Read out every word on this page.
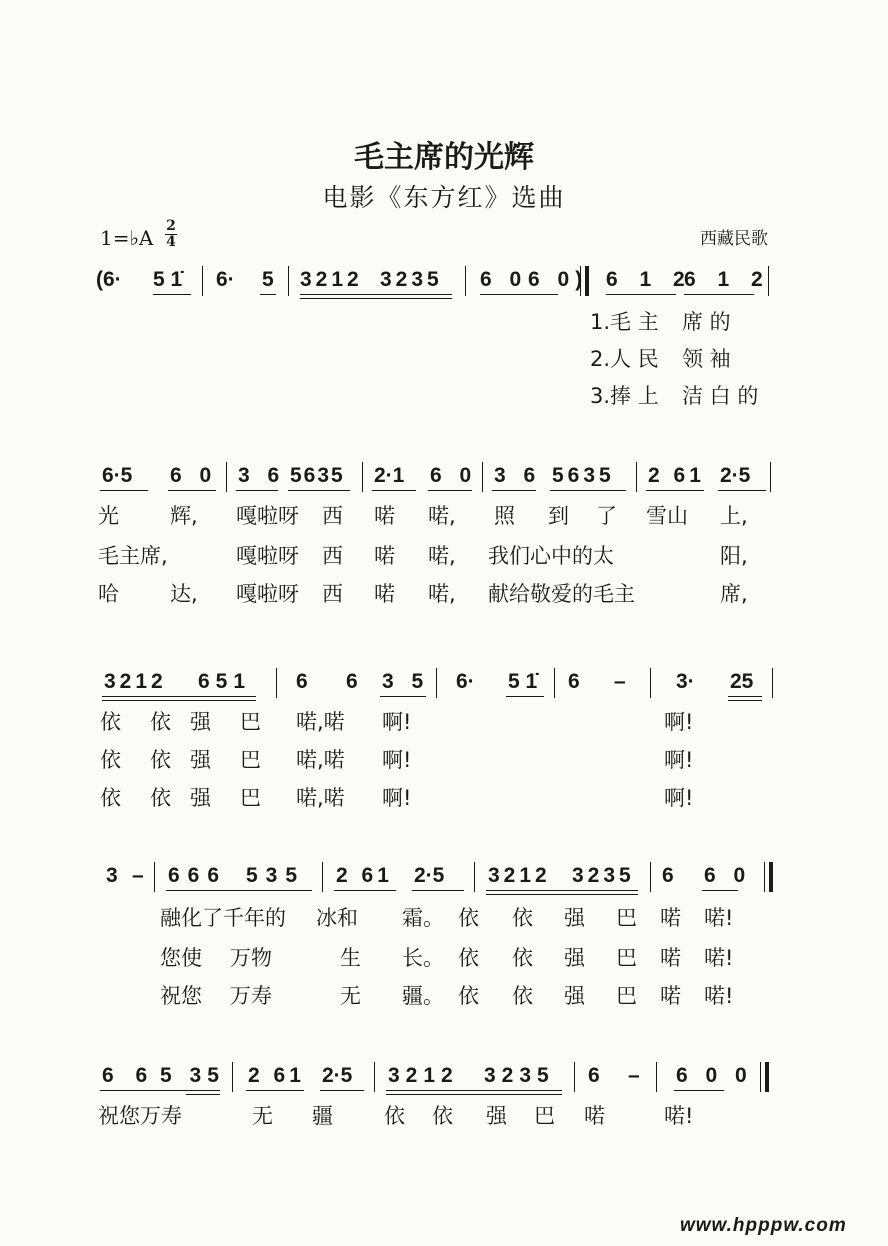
毛主席的光辉
电影《东方红》选曲
1=♭A 2
4	西藏民歌
(6· 5 1̇ 6· 5 3212 3235 6 0 6 0) 6 1 2
6 1 2
1.毛 主 席 的
2.人 民 领 袖
3.捧 上 洁 白 的
6·5 6 0 3 6 5635 2·1 6 0 3 6 5635 2 61 2·5
光 辉, 嘎啦呀 西 喏 喏, 照 到 了 雪山 上,
毛主席,	嘎啦呀 西 喏 喏, 我们心中的太	阳,
哈 达, 嘎啦呀 西 喏 喏, 献给敬爱的毛主	席,
3212 651 6 6 3 5 6· 5 1̇ 6 – 3· 25
依 依 强 巴 喏,喏 啊!	啊!
依 依 强 巴 喏,喏 啊!	啊!
依 依 强 巴 喏,喏 啊!	啊!
3 – 666 535 2 61 2·5 3212 3235 6 6 0
融化了千年的 冰和 霜。 依 依 强 巴 喏 喏!
您使 万物	生 长。 依 依 强 巴 喏 喏!
祝您 万寿	无 疆。 依 依 强 巴 喏 喏!
6 6 5 35 2 61 2·5 3212 3235 6 – 6 0 0
祝您万寿	无 疆 依 依 强 巴 喏	喏!
www.hpppw.com
